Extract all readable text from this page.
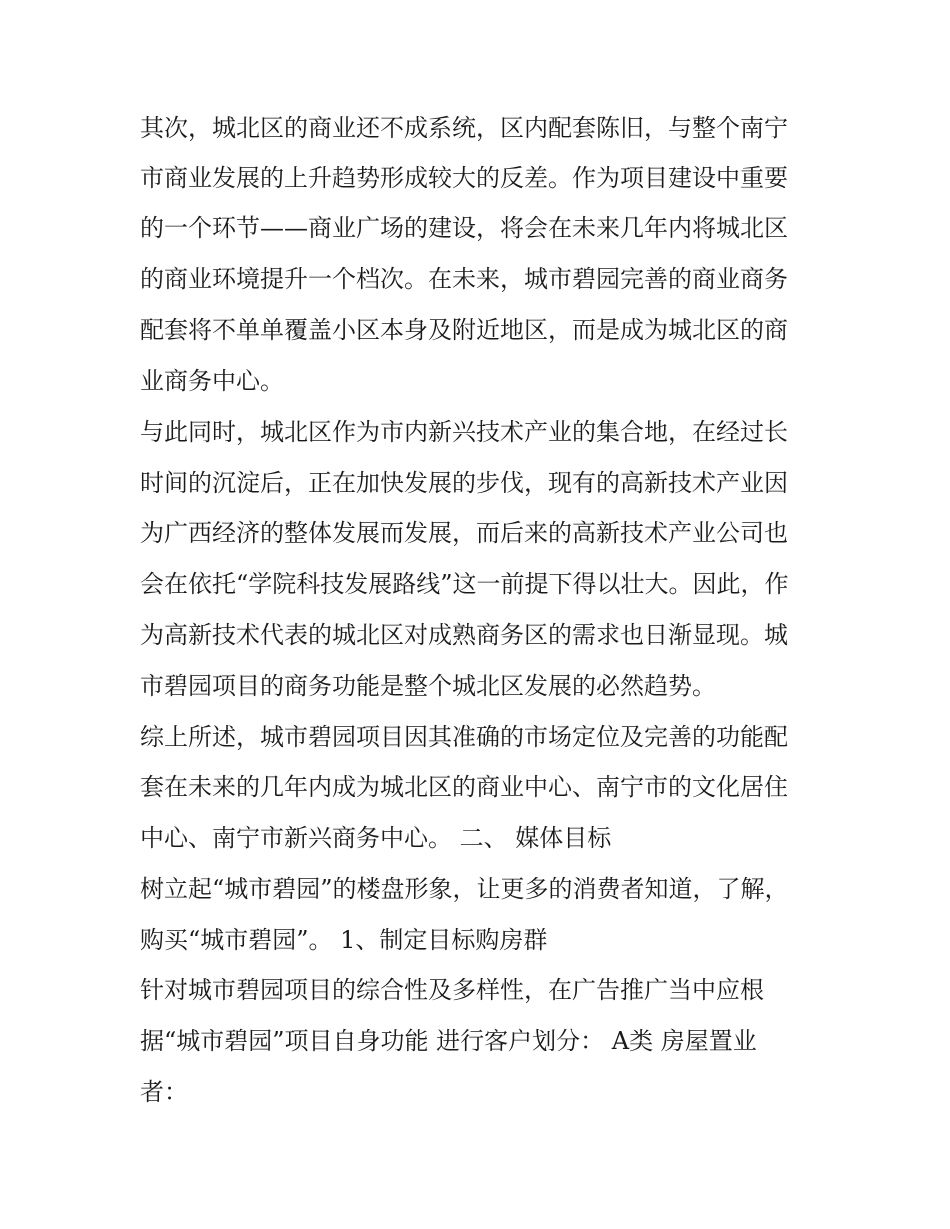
其次，城北区的商业还不成系统，区内配套陈旧，与整个南宁
市商业发展的上升趋势形成较大的反差。作为项目建设中重要
的一个环节——商业广场的建设，将会在未来几年内将城北区
的商业环境提升一个档次。在未来，城市碧园完善的商业商务
配套将不单单覆盖小区本身及附近地区，而是成为城北区的商
业商务中心。
与此同时，城北区作为市内新兴技术产业的集合地，在经过长
时间的沉淀后，正在加快发展的步伐，现有的高新技术产业因
为广西经济的整体发展而发展，而后来的高新技术产业公司也
会在依托“学院科技发展路线”这一前提下得以壮大。因此，作
为高新技术代表的城北区对成熟商务区的需求也日渐显现。城
市碧园项目的商务功能是整个城北区发展的必然趋势。
综上所述，城市碧园项目因其准确的市场定位及完善的功能配
套在未来的几年内成为城北区的商业中心、南宁市的文化居住
中心、南宁市新兴商务中心。 二、 媒体目标
树立起“城市碧园”的楼盘形象，让更多的消费者知道，了解，
购买“城市碧园”。 1、制定目标购房群
针对城市碧园项目的综合性及多样性，在广告推广当中应根
据“城市碧园”项目自身功能 进行客户划分： A类 房屋置业
者：
